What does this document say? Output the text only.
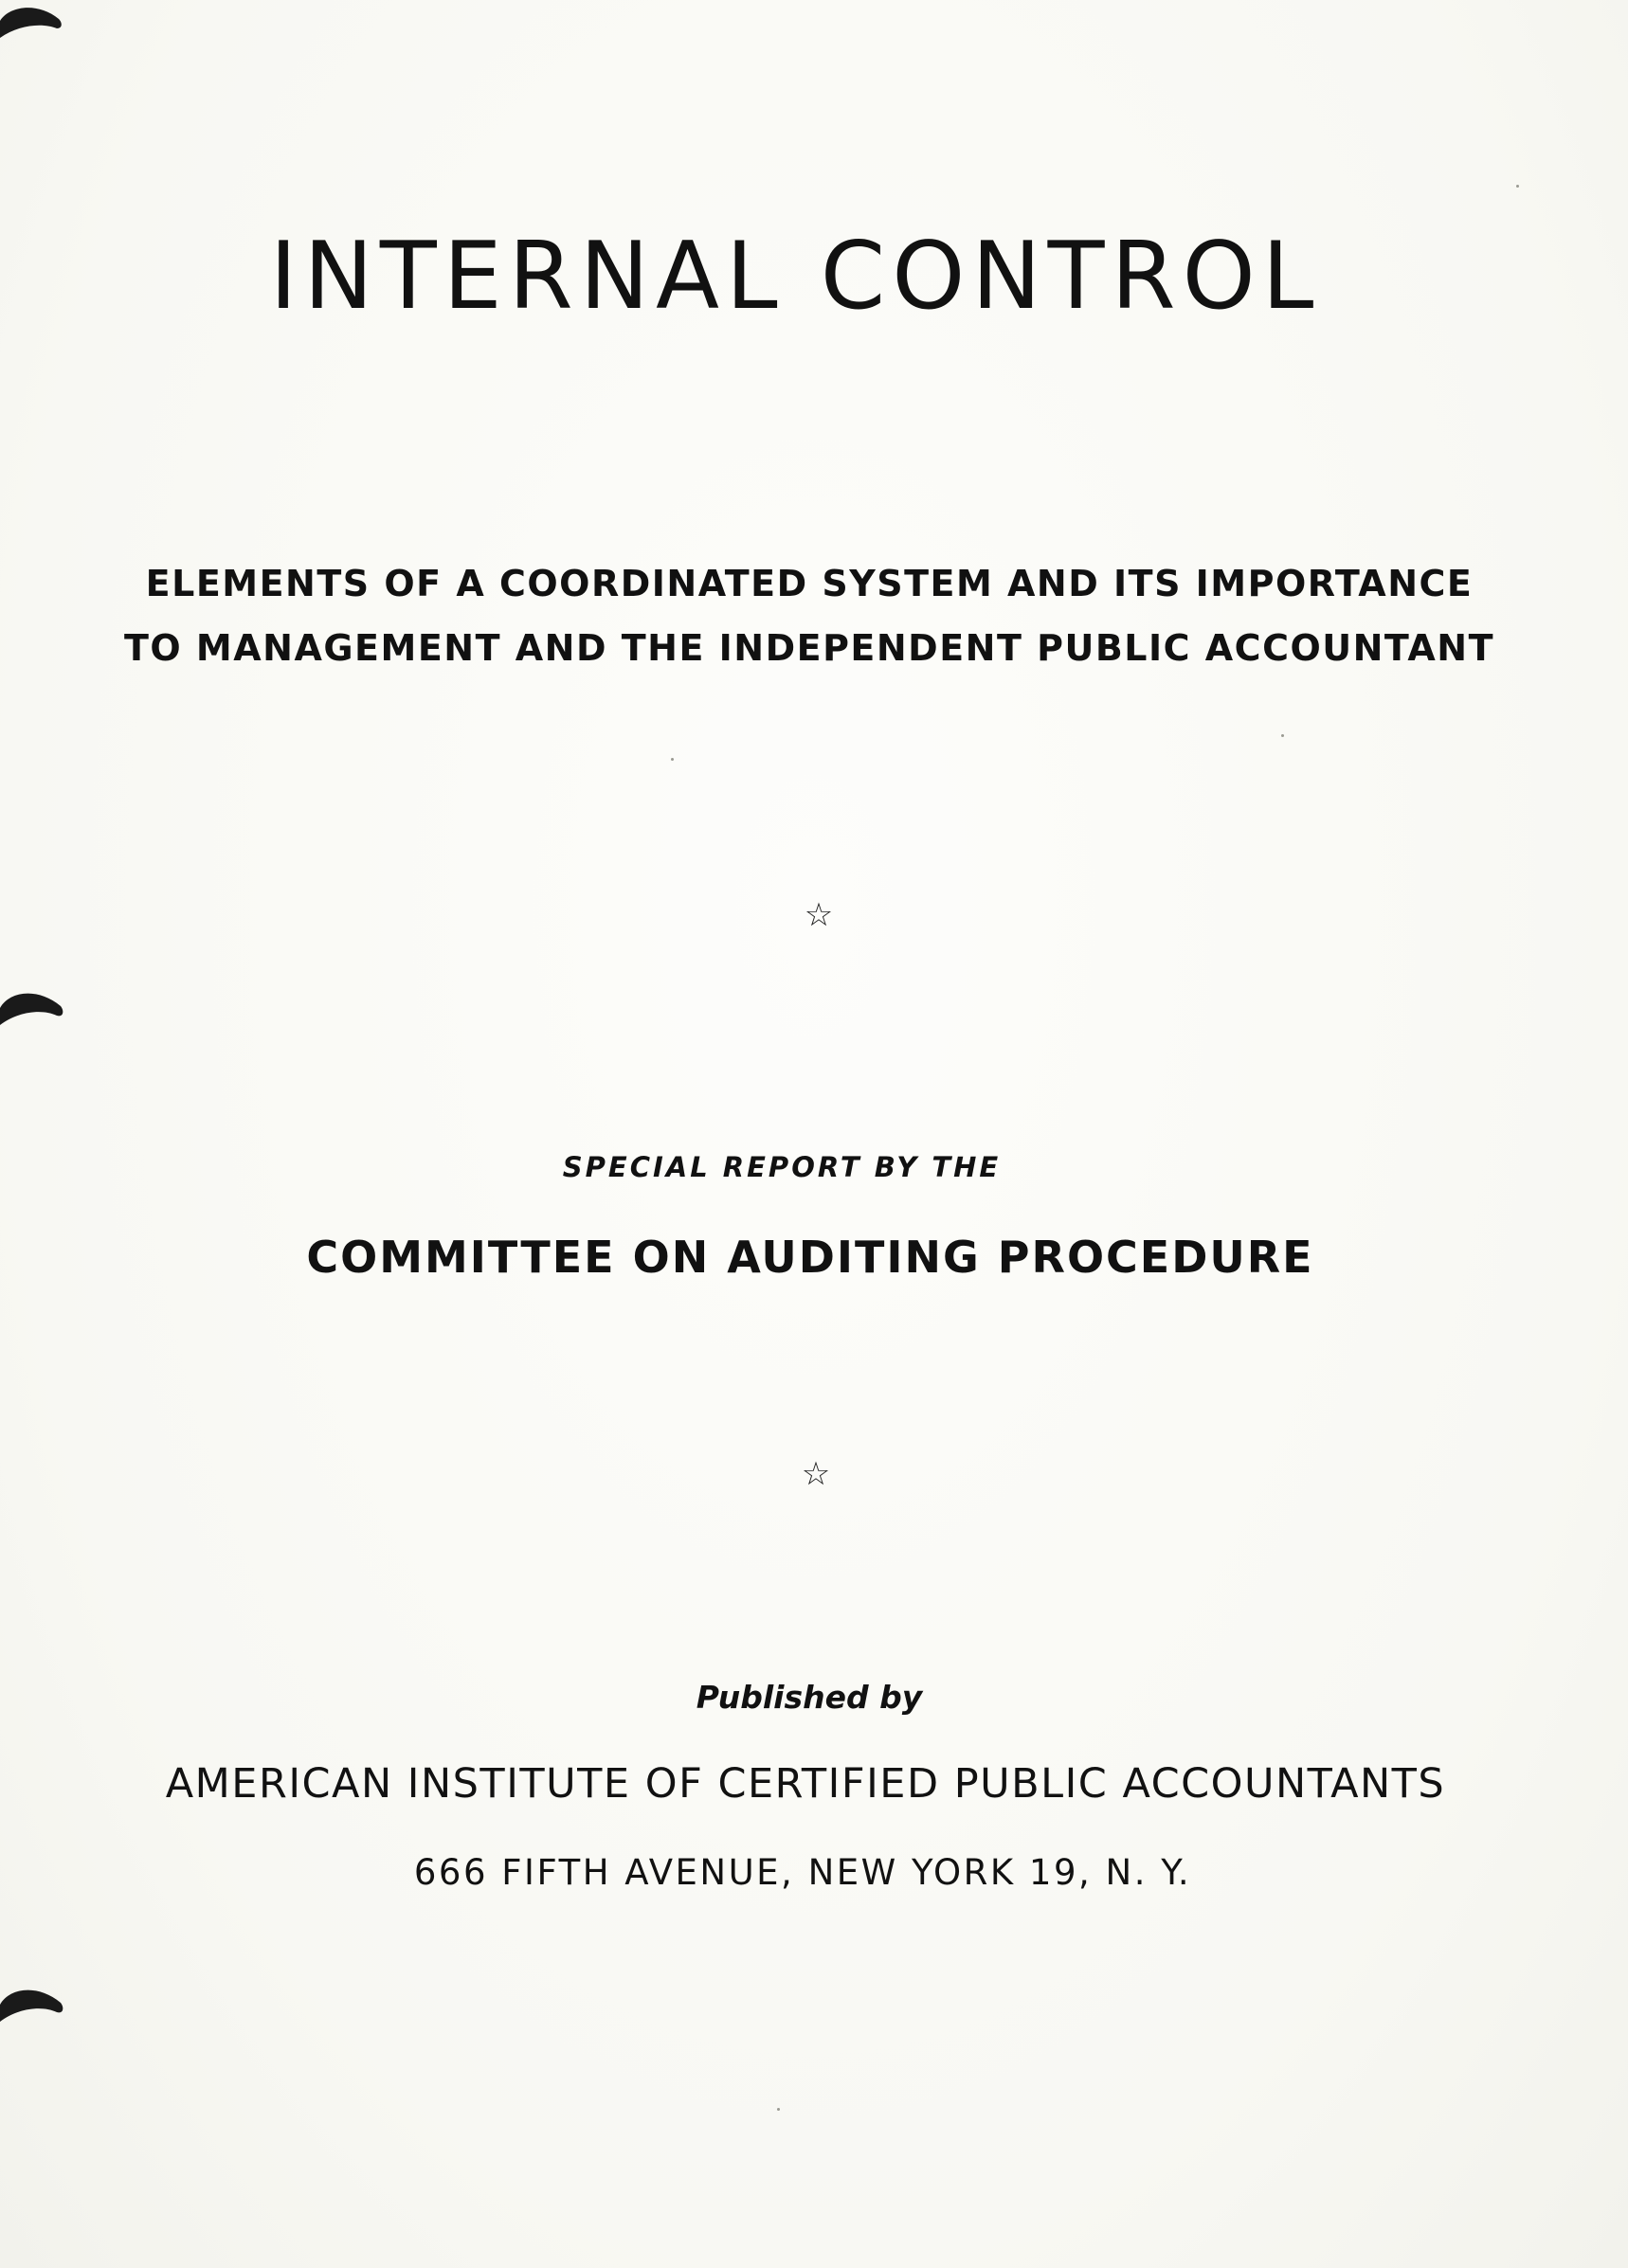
INTERNAL CONTROL
ELEMENTS OF A COORDINATED SYSTEM AND ITS IMPORTANCE
TO MANAGEMENT AND THE INDEPENDENT PUBLIC ACCOUNTANT
☆
SPECIAL REPORT BY THE
COMMITTEE ON AUDITING PROCEDURE
☆
Published by
AMERICAN INSTITUTE OF CERTIFIED PUBLIC ACCOUNTANTS
666 FIFTH AVENUE, NEW YORK 19, N. Y.
